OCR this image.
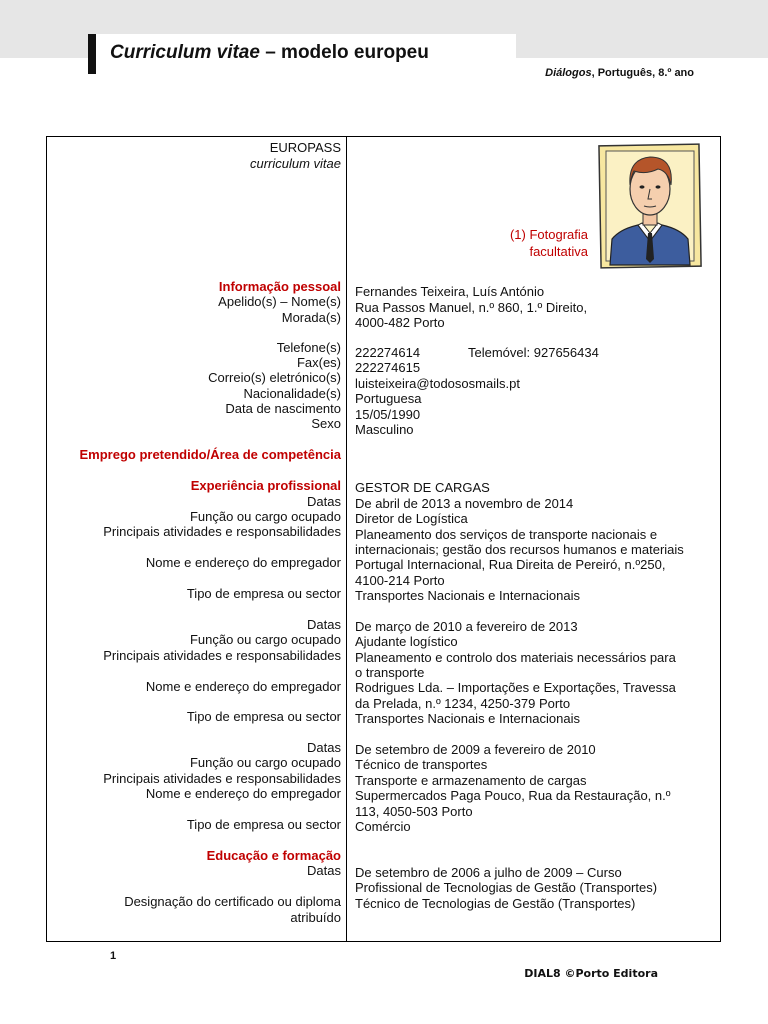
Curriculum vitae – modelo europeu
Diálogos, Português, 8.º ano
EUROPASS
curriculum vitae
(1) Fotografia
facultativa
Informação pessoal
Apelido(s) – Nome(s)
Morada(s)
Fernandes Teixeira, Luís António
Rua Passos Manuel, n.º 860, 1.º Direito,
4000-482 Porto
Telefone(s)
Fax(es)
Correio(s) eletrónico(s)
Nacionalidade(s)
Data de nascimento
Sexo
222274614	Telemóvel: 927656434
222274615
luisteixeira@todososmails.pt
Portuguesa
15/05/1990
Masculino
Emprego pretendido/Área de competência
Experiência profissional GESTOR DE CARGAS
Datas
Função ou cargo ocupado
Principais atividades e responsabilidades
Nome e endereço do empregador
Tipo de empresa ou sector
De abril de 2013 a novembro de 2014
Diretor de Logística
Planeamento dos serviços de transporte nacionais e
internacionais; gestão dos recursos humanos e materiais
Portugal Internacional, Rua Direita de Pereiró, n.º250,
4100-214 Porto
Transportes Nacionais e Internacionais
Datas
Função ou cargo ocupado
Principais atividades e responsabilidades
Nome e endereço do empregador
Tipo de empresa ou sector
De março de 2010 a fevereiro de 2013
Ajudante logístico
Planeamento e controlo dos materiais necessários para
o transporte
Rodrigues Lda. – Importações e Exportações, Travessa
da Prelada, n.º 1234, 4250-379 Porto
Transportes Nacionais e Internacionais
Datas
Função ou cargo ocupado
Principais atividades e responsabilidades
Nome e endereço do empregador
Tipo de empresa ou sector
De setembro de 2009 a fevereiro de 2010
Técnico de transportes
Transporte e armazenamento de cargas
Supermercados Paga Pouco, Rua da Restauração, n.º
113, 4050-503 Porto
Comércio
Educação e formação
Datas
Designação do certificado ou diploma
atribuído
De setembro de 2006 a julho de 2009 – Curso
Profissional de Tecnologias de Gestão (Transportes)
Técnico de Tecnologias de Gestão (Transportes)
1
DIAL8 ©Porto Editora
